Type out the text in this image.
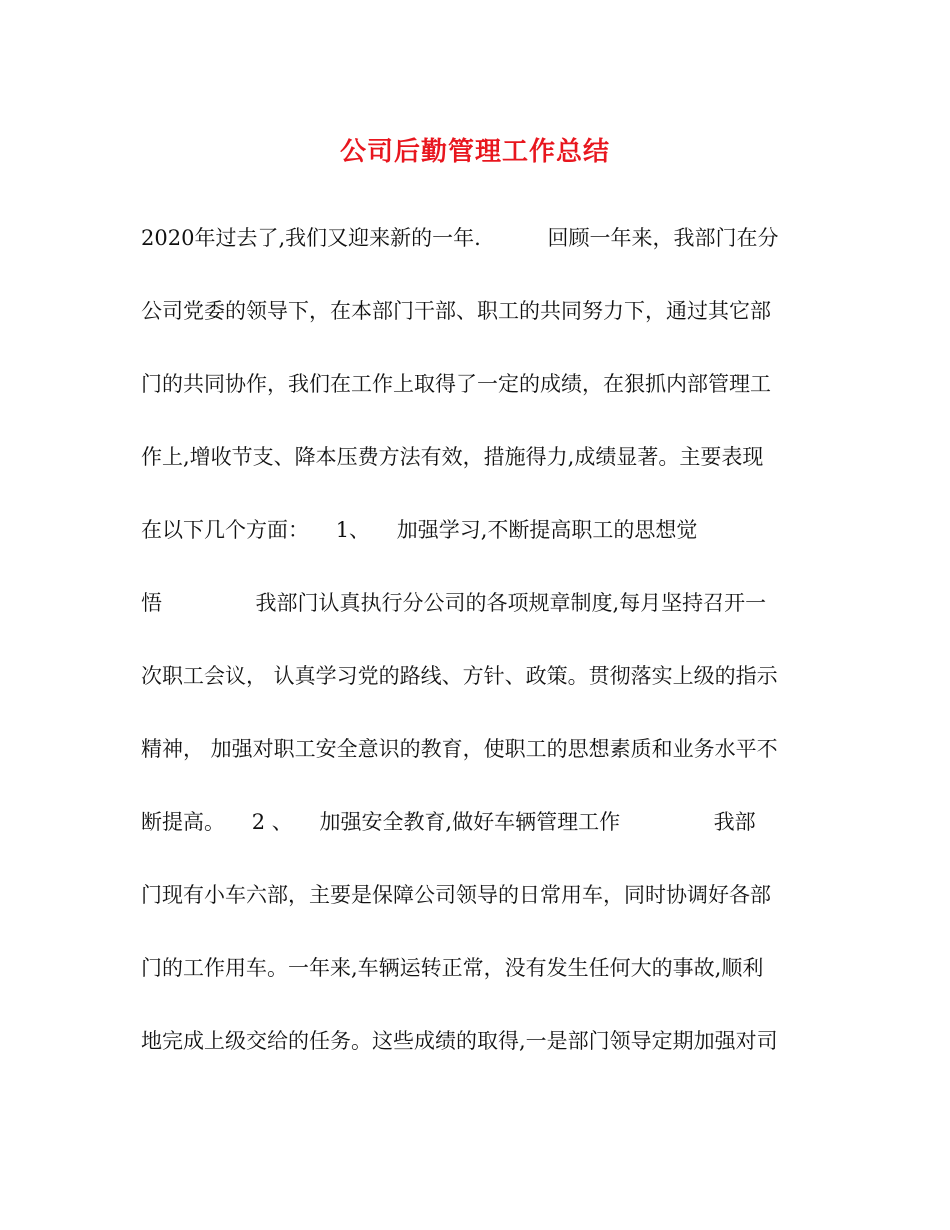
公司后勤管理工作总结
2020年过去了,我们又迎来新的一年.          回顾一年来，我部门在分
公司党委的领导下，在本部门干部、职工的共同努力下，通过其它部
门的共同协作，我们在工作上取得了一定的成绩，在狠抓内部管理工
作上,增收节支、降本压费方法有效，措施得力,成绩显著。主要表现
在以下几个方面：    1、    加强学习,不断提高职工的思想觉
悟              我部门认真执行分公司的各项规章制度,每月坚持召开一
次职工会议， 认真学习党的路线、方针、政策。贯彻落实上级的指示
精神， 加强对职工安全意识的教育，使职工的思想素质和业务水平不
断提高。    2 、    加强安全教育,做好车辆管理工作              我部
门现有小车六部，主要是保障公司领导的日常用车，同时协调好各部
门的工作用车。一年来,车辆运转正常，没有发生任何大的事故,顺利
地完成上级交给的任务。这些成绩的取得,一是部门领导定期加强对司
